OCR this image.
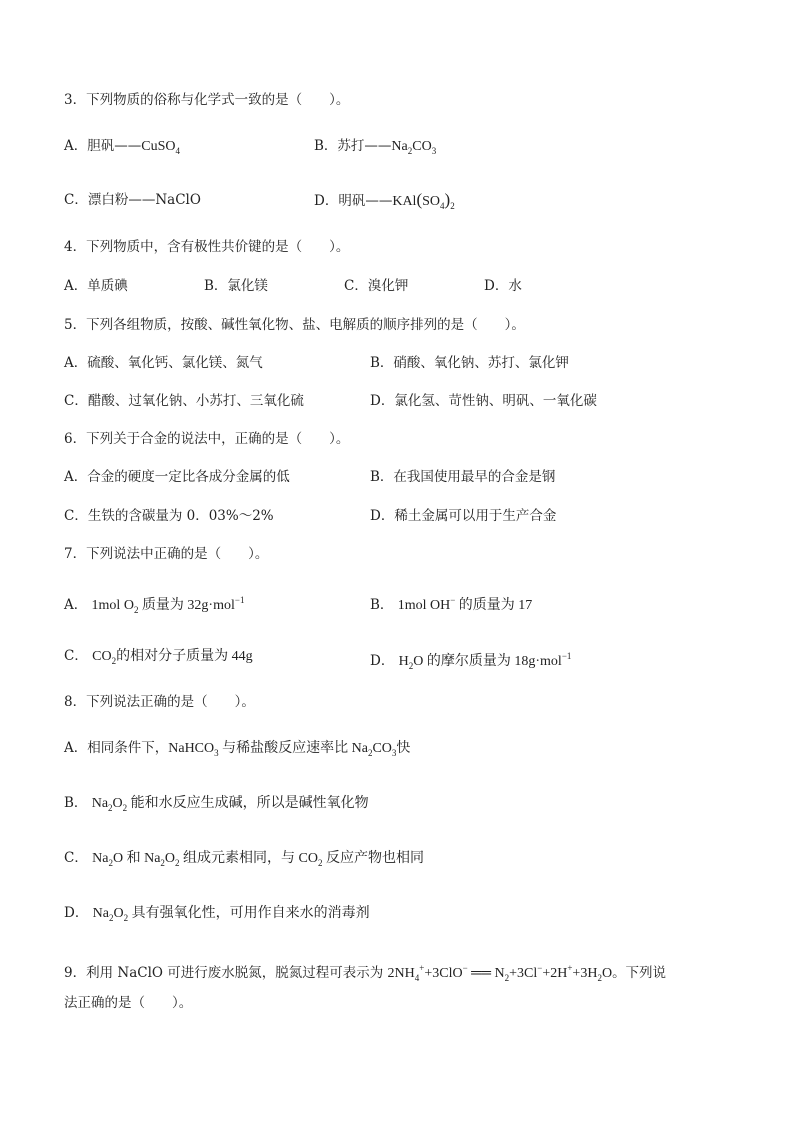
3．下列物质的俗称与化学式一致的是（　　）。
A．胆矾——CuSO$_4$	B．苏打$——Na_2CO_3$
C．漂白粉——NaClO	D．明矾$——KAl(SO_4)_2$
4．下列物质中，含有极性共价键的是（　　）。
A．单质碘	B．氯化镁	C．溴化钾	D．水
5．下列各组物质，按酸、碱性氧化物、盐、电解质的顺序排列的是（　　）。
A．硫酸、氧化钙、氯化镁、氮气	B．硝酸、氧化钠、苏打、氯化钾
C．醋酸、过氧化钠、小苏打、三氧化硫	D．氯化氢、苛性钠、明矾、一氧化碳
6．下列关于合金的说法中，正确的是（　　）。
A．合金的硬度一定比各成分金属的低	B．在我国使用最早的合金是钢
C．生铁的含碳量为 0．03%～2%	D．稀土金属可以用于生产合金
7．下列说法中正确的是（　　）。
A． 1mol $O_2$ 质量为 32g·mol$^{-1}$	B． 1mol OH− 的质量为 17
C． $CO_2$的相对分子质量为 44g	D． $H_2O$ 的摩尔质量为 18g·mol$^{-1}$
8．下列说法正确的是（　　）。
A．相同条件下，NaHCO$_3$ 与稀盐酸反应速率比 $Na_2CO_3$快
B． $Na_2O_2$ 能和水反应生成碱，所以是碱性氧化物
C． $Na_2O$ 和 $Na_2O_2$ 组成元素相同，与 $CO_2$ 反应产物也相同
D． $Na_2O_2$ 具有强氧化性，可用作自来水的消毒剂
9．利用 NaClO 可进行废水脱氮，脱氮过程可表示为 $2NH_4^++3ClO^-$ ══ $N_2+3Cl^-+2H^++3H_2O$。下列说
法正确的是（　　）。
